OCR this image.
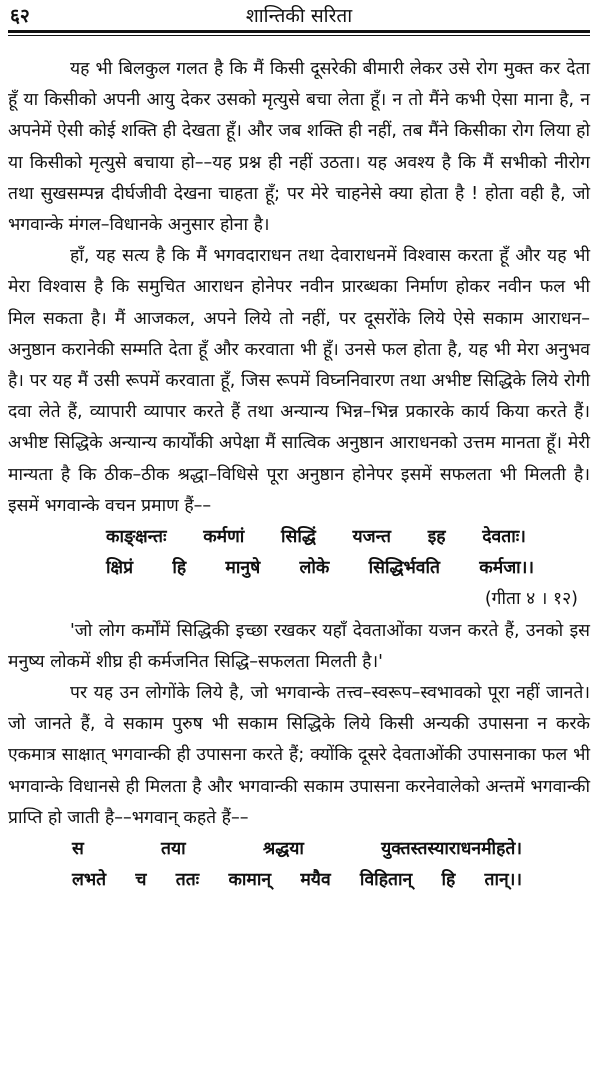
६२	शान्तिकी सरिता

यह भी बिलकुल गलत है कि मैं किसी दूसरेकी बीमारी लेकर उसे रोग मुक्त कर देता हूँ या किसीको अपनी आयु देकर उसको मृत्युसे बचा लेता हूँ। न तो मैंने कभी ऐसा माना है, न अपनेमें ऐसी कोई शक्ति ही देखता हूँ। और जब शक्ति ही नहीं, तब मैंने किसीका रोग लिया हो या किसीको मृत्युसे बचाया हो––यह प्रश्न ही नहीं उठता। यह अवश्य है कि मैं सभीको नीरोग तथा सुखसम्पन्न दीर्घजीवी देखना चाहता हूँ; पर मेरे चाहनेसे क्या होता है ! होता वही है, जो भगवान्के मंगल–विधानके अनुसार होना है।

हाँ, यह सत्य है कि मैं भगवदाराधन तथा देवाराधनमें विश्वास करता हूँ और यह भी मेरा विश्वास है कि समुचित आराधन होनेपर नवीन प्रारब्धका निर्माण होकर नवीन फल भी मिल सकता है। मैं आजकल, अपने लिये तो नहीं, पर दूसरोंके लिये ऐसे सकाम आराधन–अनुष्ठान करानेकी सम्मति देता हूँ और करवाता भी हूँ। उनसे फल होता है, यह भी मेरा अनुभव है। पर यह मैं उसी रूपमें करवाता हूँ, जिस रूपमें विघ्ननिवारण तथा अभीष्ट सिद्धिके लिये रोगी दवा लेते हैं, व्यापारी व्यापार करते हैं तथा अन्यान्य भिन्न–भिन्न प्रकारके कार्य किया करते हैं। अभीष्ट सिद्धिके अन्यान्य कार्योंकी अपेक्षा मैं सात्विक अनुष्ठान आराधनको उत्तम मानता हूँ। मेरी मान्यता है कि ठीक–ठीक श्रद्धा–विधिसे पूरा अनुष्ठान होनेपर इसमें सफलता भी मिलती है। इसमें भगवान्के वचन प्रमाण हैं––

काङ्क्षन्तः कर्मणां सिद्धिं यजन्त इह देवताः।
क्षिप्रं हि मानुषे लोके सिद्धिर्भवति कर्मजा।।

(गीता ४ । १२)

'जो लोग कर्मोंमें सिद्धिकी इच्छा रखकर यहाँ देवताओंका यजन करते हैं, उनको इस मनुष्य लोकमें शीघ्र ही कर्मजनित सिद्धि–सफलता मिलती है।'

पर यह उन लोगोंके लिये है, जो भगवान्के तत्त्व–स्वरूप–स्वभावको पूरा नहीं जानते। जो जानते हैं, वे सकाम पुरुष भी सकाम सिद्धिके लिये किसी अन्यकी उपासना न करके एकमात्र साक्षात् भगवान्की ही उपासना करते हैं; क्योंकि दूसरे देवताओंकी उपासनाका फल भी भगवान्के विधानसे ही मिलता है और भगवान्की सकाम उपासना करनेवालेको अन्तमें भगवान्की प्राप्ति हो जाती है––भगवान् कहते हैं––

स	तया	श्रद्धया	युक्तस्तस्याराधनमीहते।
लभते च ततः कामान् मयैव विहितान् हि तान्।।
